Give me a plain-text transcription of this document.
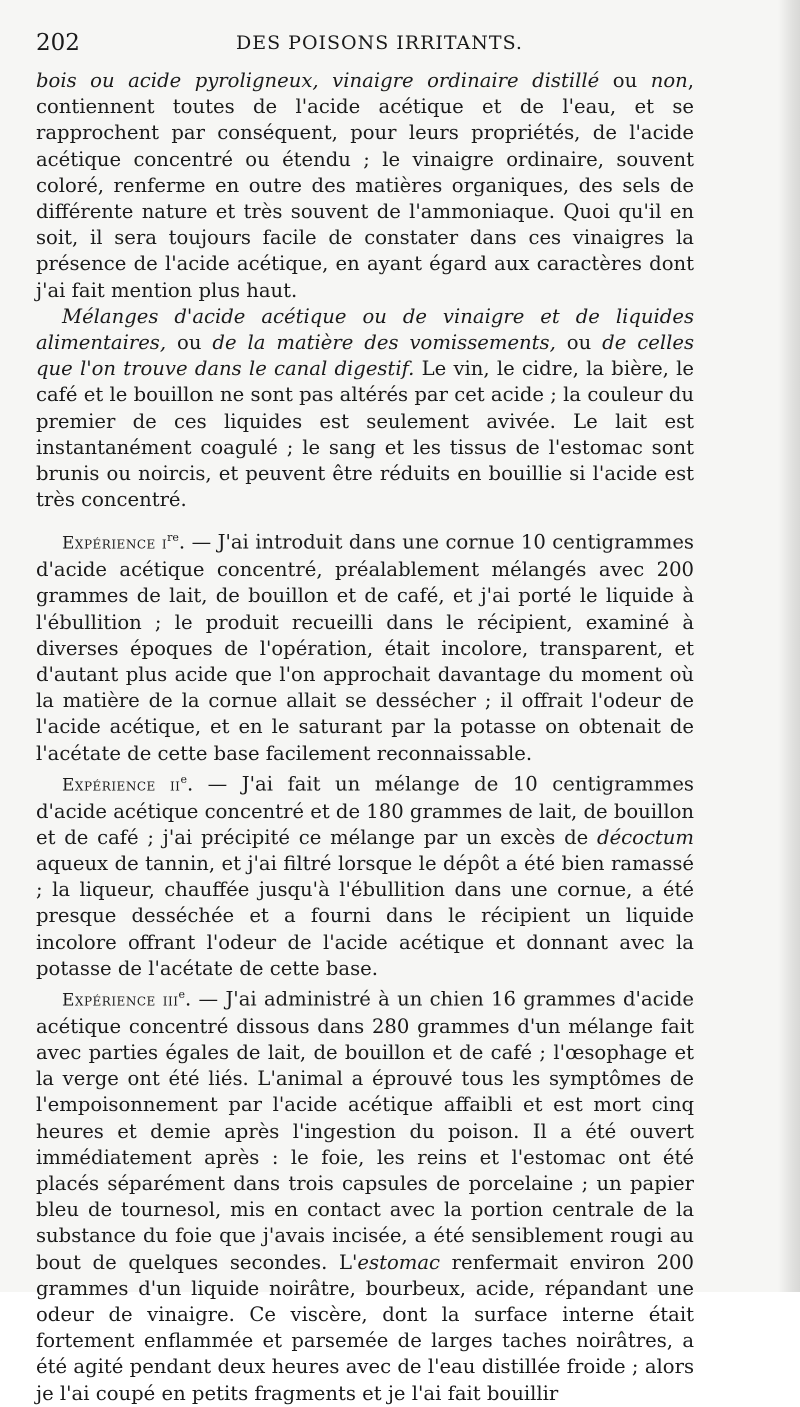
202	DES POISONS IRRITANTS.

bois ou acide pyroligneux, vinaigre ordinaire distillé ou non, contiennent toutes de l'acide acétique et de l'eau, et se rapprochent par conséquent, pour leurs propriétés, de l'acide acétique concentré ou étendu ; le vinaigre ordinaire, souvent coloré, renferme en outre des matières organiques, des sels de différente nature et très souvent de l'ammoniaque. Quoi qu'il en soit, il sera toujours facile de constater dans ces vinaigres la présence de l'acide acétique, en ayant égard aux caractères dont j'ai fait mention plus haut.

Mélanges d'acide acétique ou de vinaigre et de liquides alimentaires, ou de la matière des vomissements, ou de celles que l'on trouve dans le canal digestif. Le vin, le cidre, la bière, le café et le bouillon ne sont pas altérés par cet acide ; la couleur du premier de ces liquides est seulement avivée. Le lait est instantanément coagulé ; le sang et les tissus de l'estomac sont brunis ou noircis, et peuvent être réduits en bouillie si l'acide est très concentré.

Expérience $i^{re}$. — J'ai introduit dans une cornue 10 centigrammes d'acide acétique concentré, préalablement mélangés avec 200 grammes de lait, de bouillon et de café, et j'ai porté le liquide à l'ébullition ; le produit recueilli dans le récipient, examiné à diverses époques de l'opération, était incolore, transparent, et d'autant plus acide que l'on approchait davantage du moment où la matière de la cornue allait se dessécher ; il offrait l'odeur de l'acide acétique, et en le saturant par la potasse on obtenait de l'acétate de cette base facilement reconnaissable.

Expérience $ii^e$. — J'ai fait un mélange de 10 centigrammes d'acide acétique concentré et de 180 grammes de lait, de bouillon et de café ; j'ai précipité ce mélange par un excès de décoctum aqueux de tannin, et j'ai filtré lorsque le dépôt a été bien ramassé ; la liqueur, chauffée jusqu'à l'ébullition dans une cornue, a été presque desséchée et a fourni dans le récipient un liquide incolore offrant l'odeur de l'acide acétique et donnant avec la potasse de l'acétate de cette base.

Expérience iii$^e$. — J'ai administré à un chien 16 grammes d'acide acétique concentré dissous dans 280 grammes d'un mélange fait avec parties égales de lait, de bouillon et de café ; l'œsophage et la verge ont été liés. L'animal a éprouvé tous les symptômes de l'empoisonnement par l'acide acétique affaibli et est mort cinq heures et demie après l'ingestion du poison. Il a été ouvert immédiatement après : le foie, les reins et l'estomac ont été placés séparément dans trois capsules de porcelaine ; un papier bleu de tournesol, mis en contact avec la portion centrale de la substance du foie que j'avais incisée, a été sensiblement rougi au bout de quelques secondes. L'estomac renfermait environ 200 grammes d'un liquide noirâtre, bourbeux, acide, répandant une odeur de vinaigre. Ce viscère, dont la surface interne était fortement enflammée et parsemée de larges taches noirâtres, a été agité pendant deux heures avec de l'eau distillée froide ; alors je l'ai coupé en petits fragments et je l'ai fait bouillir
